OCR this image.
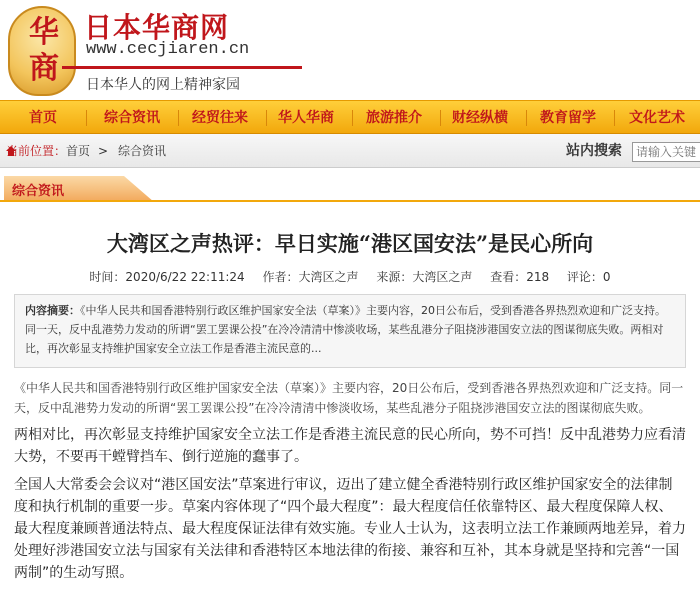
华
商
日本华商网
www.cecjiaren.cn
日本华人的网上精神家园
首页	综合资讯	经贸往来	华人华商	旅游推介	财经纵横	教育留学	文化艺术
当前位置： 首页 > 综合资讯	站内搜索
请输入关键
综合资讯
大湾区之声热评：早日实施“港区国安法”是民心所向
时间：2020/6/22 22:11:24 作者：大湾区之声 来源：大湾区之声 查看：218 评论：0
内容摘要：《中华人民共和国香港特别行政区维护国家安全法（草案）》主要内容，20日公布后，受到香港各界热烈欢迎和广泛支持。同一天，反中乱港势力发动的所谓“罢工罢课公投”在冷冷清清中惨淡收场，某些乱港分子阻挠涉港国安立法的图谋彻底失败。两相对比，再次彰显支持维护国家安全立法工作是香港主流民意的...
《中华人民共和国香港特别行政区维护国家安全法（草案）》主要内容，20日公布后，受到香港各界热烈欢迎和广泛支持。同一天，反中乱港势力发动的所谓“罢工罢课公投”在冷冷清清中惨淡收场，某些乱港分子阻挠涉港国安立法的图谋彻底失败。
两相对比，再次彰显支持维护国家安全立法工作是香港主流民意的民心所向，势不可挡！反中乱港势力应看清大势，不要再干螳臂挡车、倒行逆施的蠢事了。
全国人大常委会会议对“港区国安法”草案进行审议，迈出了建立健全香港特别行政区维护国家安全的法律制度和执行机制的重要一步。草案内容体现了“四个最大程度”：最大程度信任依靠特区、最大程度保障人权、最大程度兼顾普通法特点、最大程度保证法律有效实施。专业人士认为，这表明立法工作兼顾两地差异，着力处理好涉港国安立法与国家有关法律和香港特区本地法律的衔接、兼容和互补，其本身就是坚持和完善“一国两制”的生动写照。
